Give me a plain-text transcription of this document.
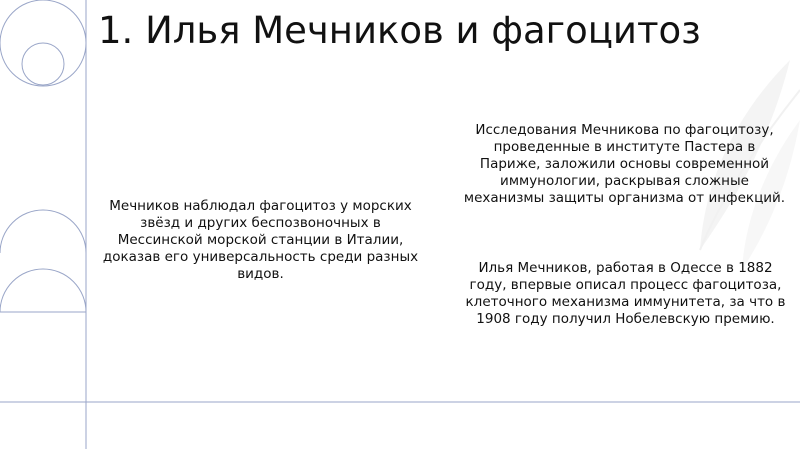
1. Илья Мечников и фагоцитоз

Мечников наблюдал фагоцитоз у морских звёзд и других беспозвоночных в Мессинской морской станции в Италии, доказав его универсальность среди разных видов.

Исследования Мечникова по фагоцитозу, проведенные в институте Пастера в Париже, заложили основы современной иммунологии, раскрывая сложные механизмы защиты организма от инфекций.

Илья Мечников, работая в Одессе в 1882 году, впервые описал процесс фагоцитоза, клеточного механизма иммунитета, за что в 1908 году получил Нобелевскую премию.
